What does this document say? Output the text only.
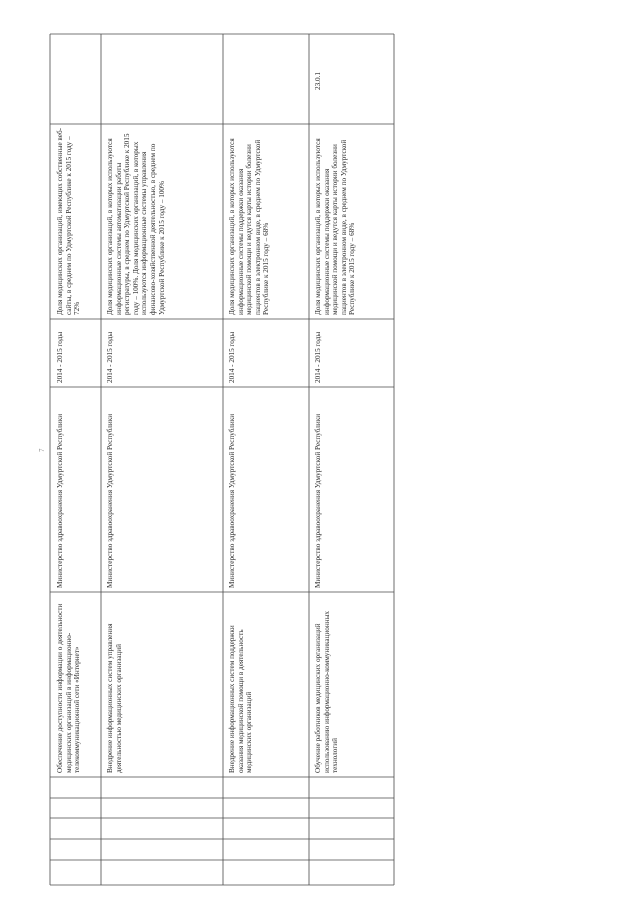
7

Обеспечение доступности информации о деятельности медицинских организаций в информационно-телекоммуникационной сети «Интернет»

Министерство здравоохранения Удмуртской Республики

2014 - 2015 годы

Доля медицинских организаций, имеющих собственные веб-сайты, в среднем по Удмуртской Республике к 2015 году – 72%

Внедрение информационных систем управления деятельностью медицинских организаций

Министерство здравоохранения Удмуртской Республики

2014 - 2015 годы

Доля медицинских организаций, в которых используются информационные системы автоматизации работы регистратуры, в среднем по Удмуртской Республике к 2015 году – 100%. Доля медицинских организаций, в которых используются информационные системы управления финансово-хозяйственной деятельностью, в среднем по Удмуртской Республике к 2015 году – 100%

Внедрение информационных систем поддержки оказания медицинской помощи в деятельность медицинских организаций

Министерство здравоохранения Удмуртской Республики

2014 - 2015 годы

Доля медицинских организаций, в которых используются информационные системы поддержки оказания медицинской помощи и ведутся карты истории болезни пациентов в электронном виде, в среднем по Удмуртской Республике к 2015 году – 68%

Обучение работников медицинских организаций использованию информационно-коммуникационных технологий

Министерство здравоохранения Удмуртской Республики

2014 - 2015 годы

Доля медицинских организаций, в которых используются информационные системы поддержки оказания медицинской помощи и ведутся карты истории болезни пациентов в электронном виде, в среднем по Удмуртской Республике к 2015 году – 68%

23.0.1
